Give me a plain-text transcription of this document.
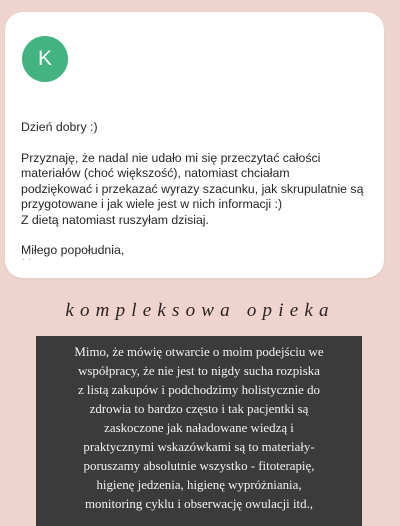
K

Dzień dobry :)

Przyznaję, że nadal nie udało mi się przeczytać całości
materiałów (choć większość), natomiast chciałam
podziękować i przekazać wyrazy szacunku, jak skrupulatnie są
przygotowane i jak wiele jest w nich informacji :)
Z dietą natomiast ruszyłam dzisiaj.

Miłego popołudnia,

· ·
kompleksowa opieka

Mimo, że mówię otwarcie o moim podejściu we
współpracy, że nie jest to nigdy sucha rozpiska
z listą zakupów i podchodzimy holistycznie do
zdrowia to bardzo często i tak pacjentki są
zaskoczone jak naładowane wiedzą i
praktycznymi wskazówkami są to materiały-
poruszamy absolutnie wszystko - fitoterapię,
higienę jedzenia, higienę wypróżniania,
monitoring cyklu i obserwację owulacji itd.,
